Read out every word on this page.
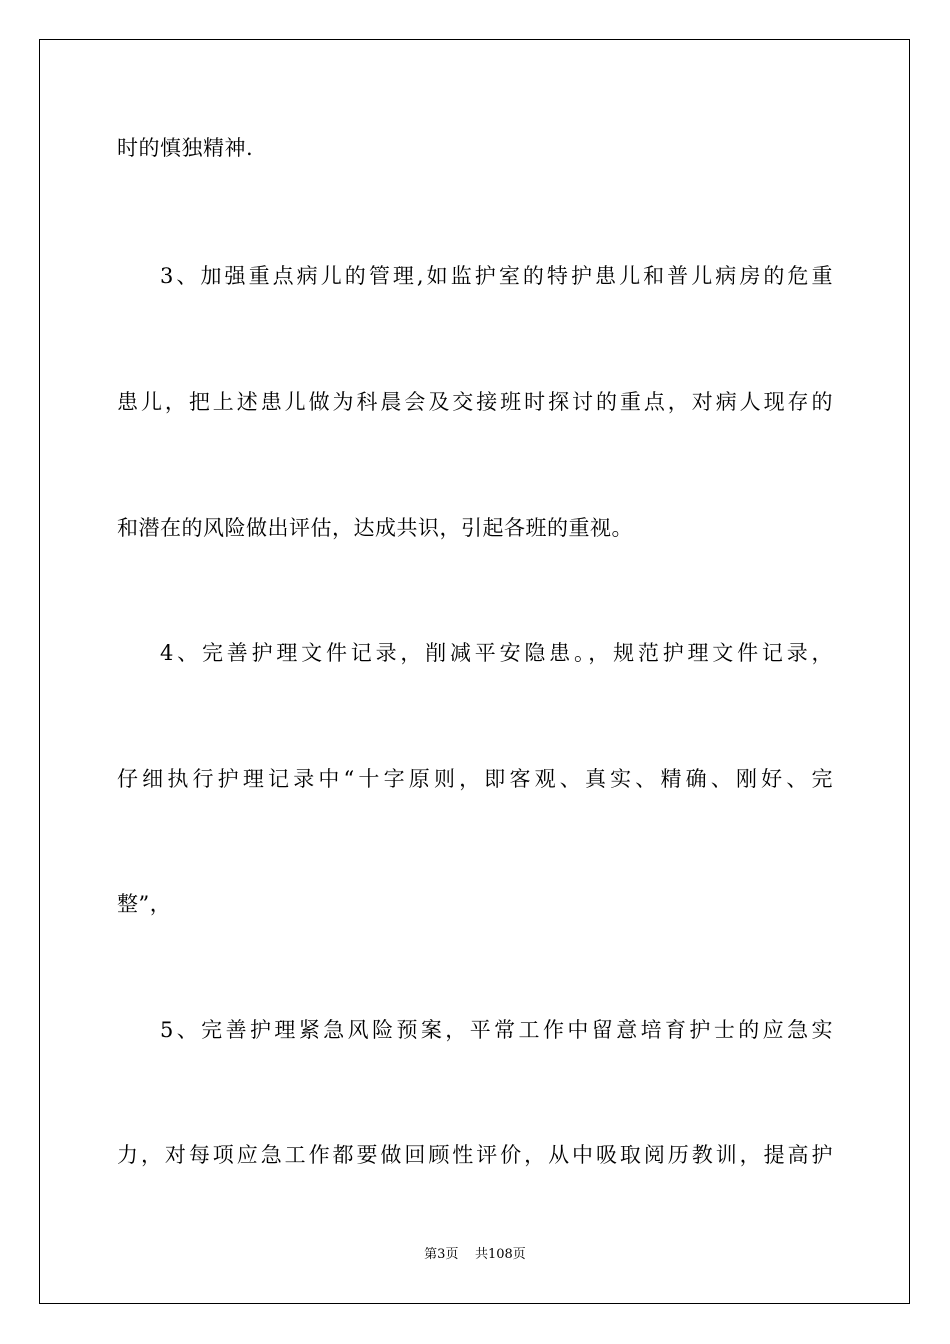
时的慎独精神.
3、加强重点病儿的管理,如监护室的特护患儿和普儿病房的危重
患儿，把上述患儿做为科晨会及交接班时探讨的重点，对病人现存的
和潜在的风险做出评估，达成共识，引起各班的重视。
4、完善护理文件记录，削减平安隐患。，规范护理文件记录，
仔细执行护理记录中“十字原则，即客观、真实、精确、刚好、完
整”，
5、完善护理紧急风险预案，平常工作中留意培育护士的应急实
力，对每项应急工作都要做回顾性评价，从中吸取阅历教训，提高护
第3页 共108页
